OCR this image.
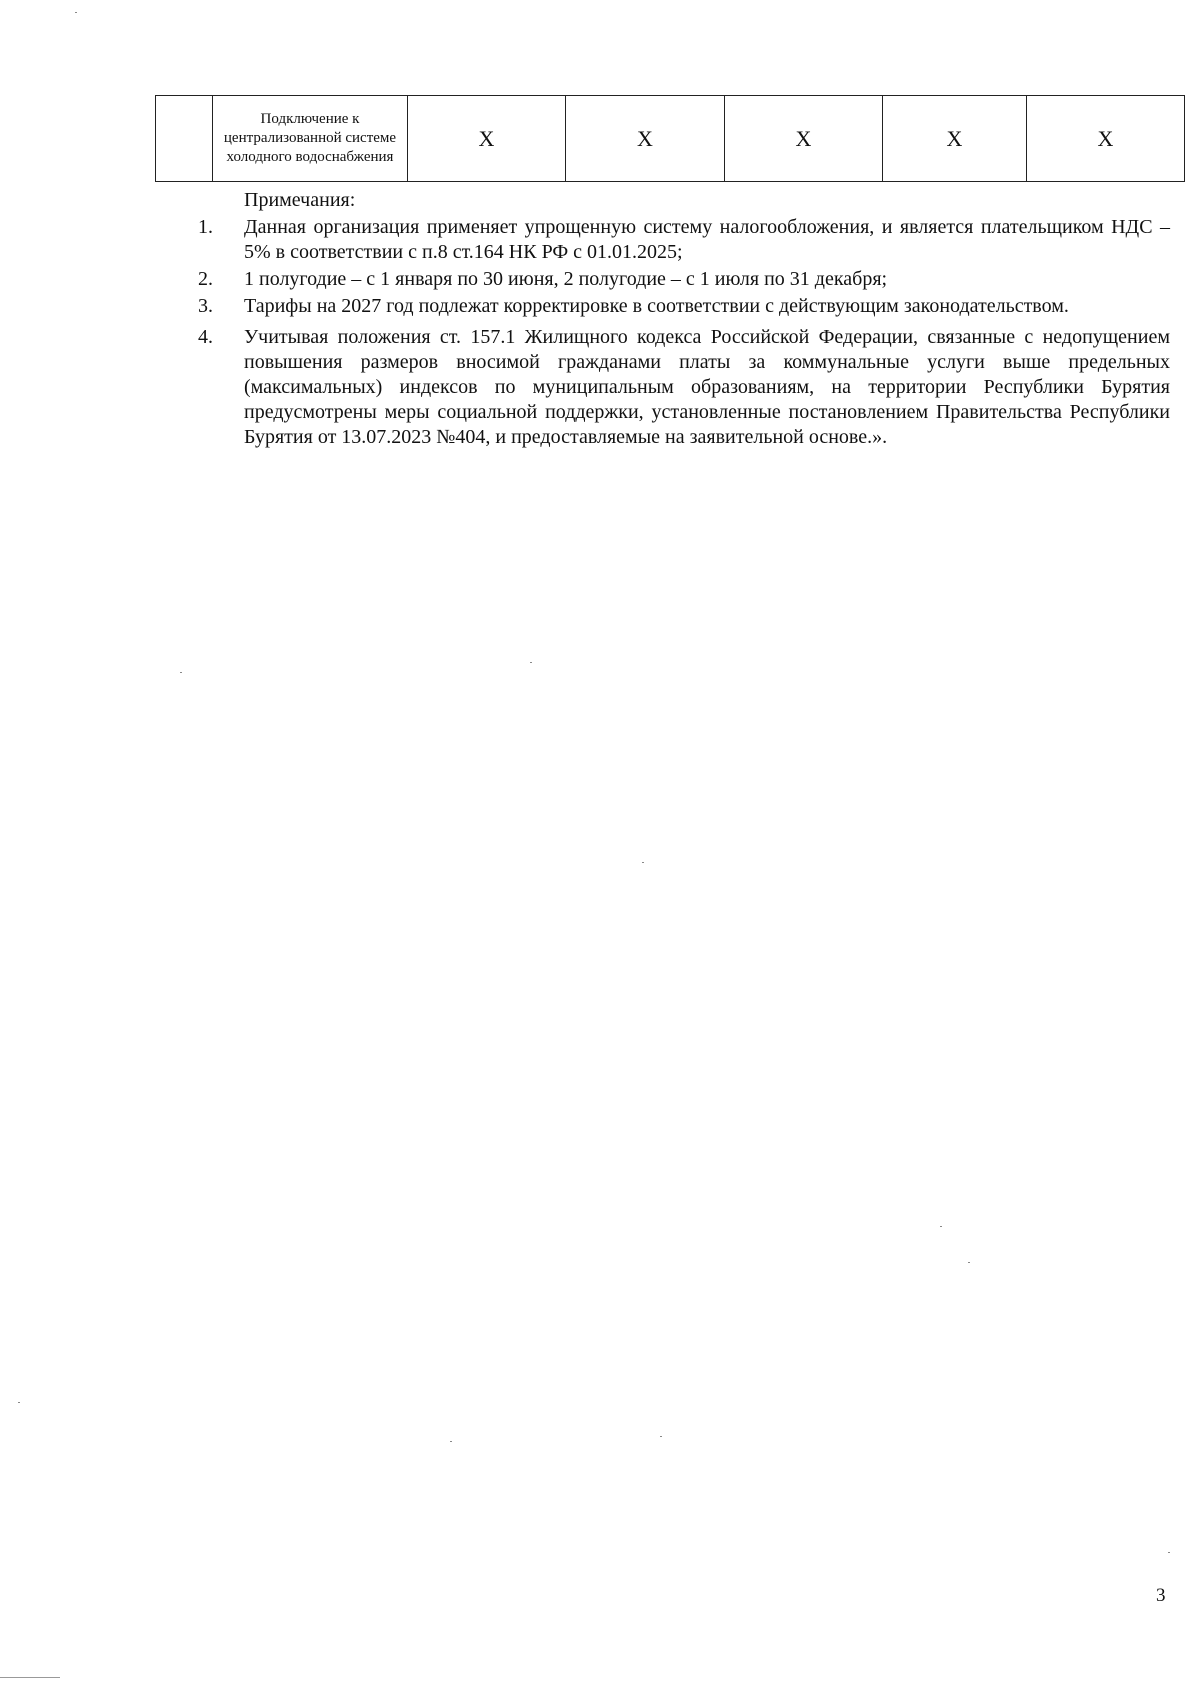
	Подключение к централизованной системе холодного водоснабжения	Х	Х	Х	Х	Х
Примечания:
1.	Данная организация применяет упрощенную систему налогообложения, и является плательщиком НДС – 5% в соответствии с п.8 ст.164 НК РФ с 01.01.2025;
2.	1 полугодие – с 1 января по 30 июня, 2 полугодие – с 1 июля по 31 декабря;
3.	Тарифы на 2027 год подлежат корректировке в соответствии с действующим законодательством.
4.	Учитывая положения ст. 157.1 Жилищного кодекса Российской Федерации, связанные с недопущением повышения размеров вносимой гражданами платы за коммунальные услуги выше предельных (максимальных) индексов по муниципальным образованиям, на территории Республики Бурятия предусмотрены меры социальной поддержки, установленные постановлением Правительства Республики Бурятия от 13.07.2023 №404, и предоставляемые на заявительной основе.».
3
